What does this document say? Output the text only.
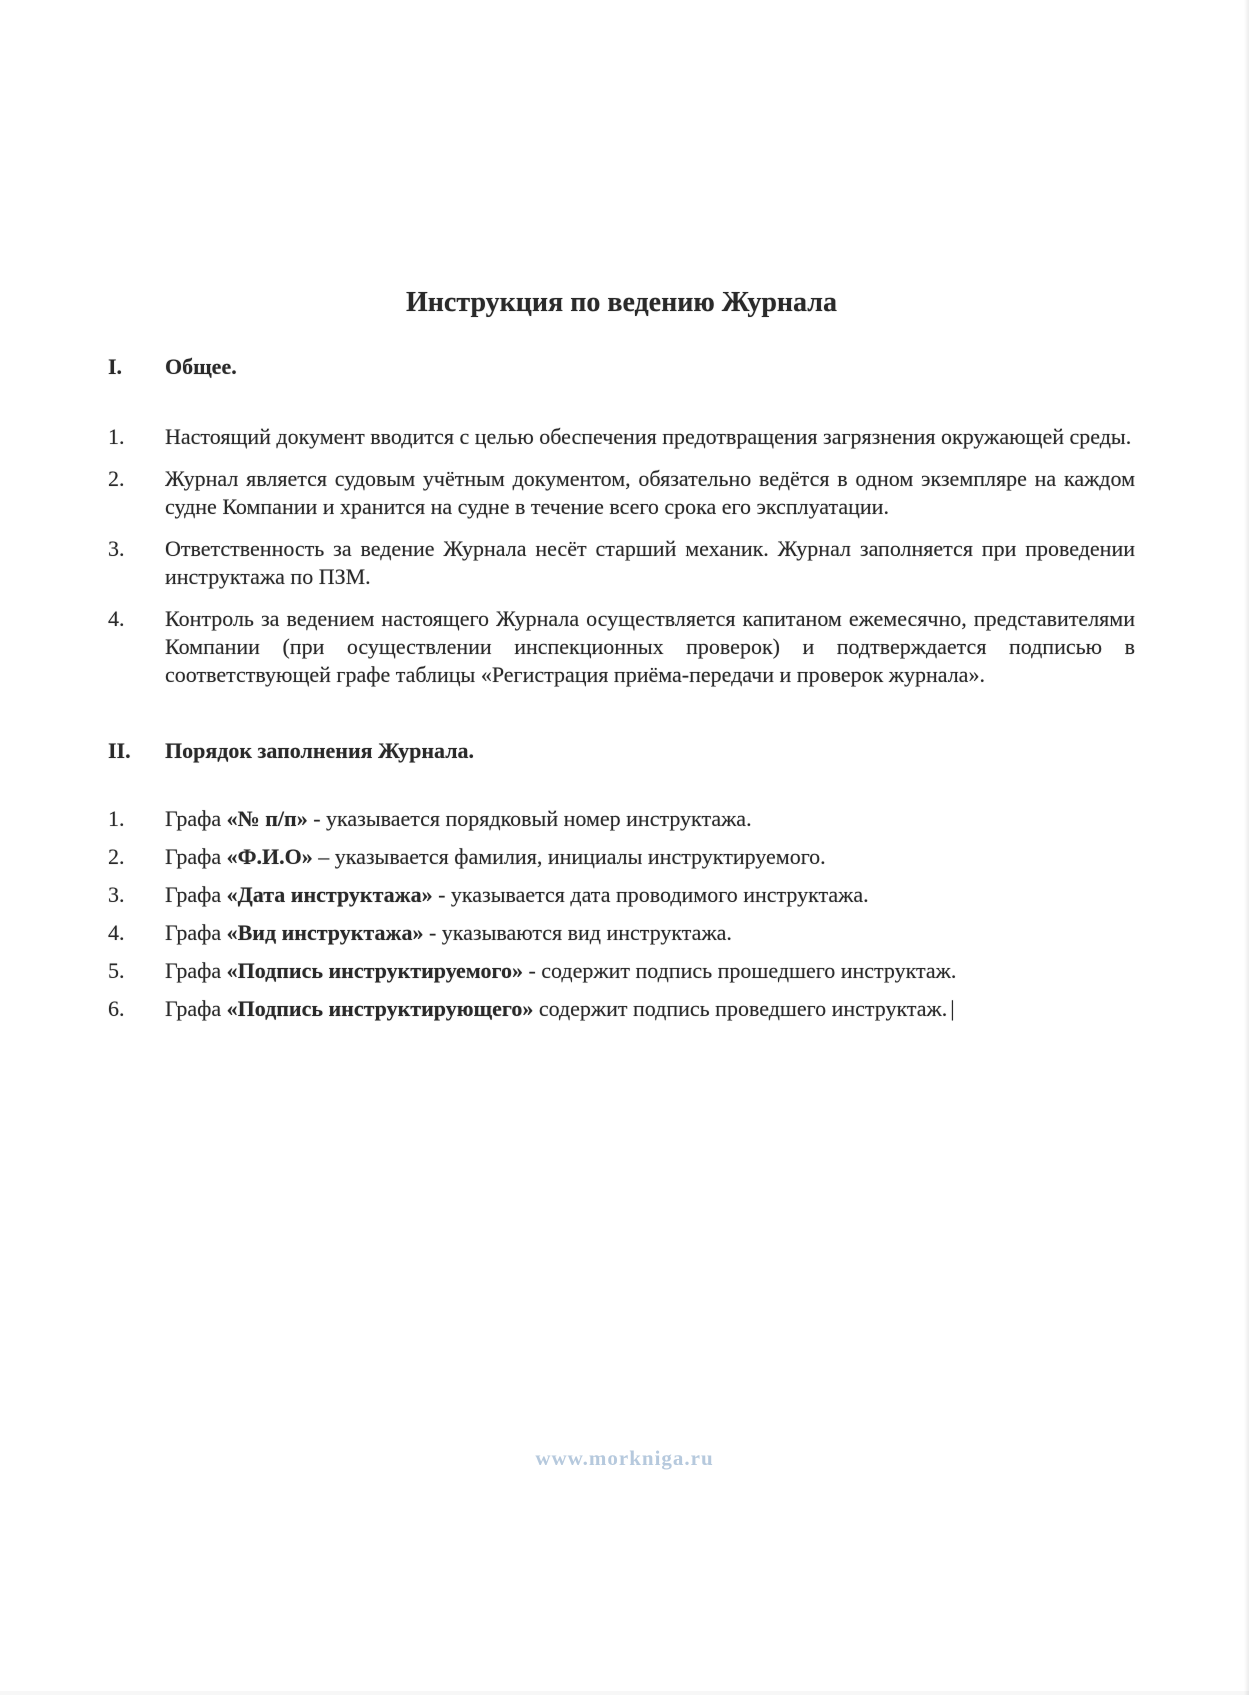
Инструкция по ведению Журнала
I.	Общее.
1.	Настоящий документ вводится с целью обеспечения предотвращения загрязнения окружающей среды.
2.	Журнал является судовым учётным документом, обязательно ведётся в одном экземпляре на каждом судне Компании и хранится на судне в течение всего срока его эксплуатации.
3.	Ответственность за ведение Журнала несёт старший механик. Журнал заполняется при проведении инструктажа по ПЗМ.
4.	Контроль за ведением настоящего Журнала осуществляется капитаном ежемесячно, представителями Компании (при осуществлении инспекционных проверок) и подтверждается подписью в соответствующей графе таблицы «Регистрация приёма-передачи и проверок журнала».
II.	Порядок заполнения Журнала.
1.	Графа «№ п/п» - указывается порядковый номер инструктажа.
2.	Графа «Ф.И.О» – указывается фамилия, инициалы инструктируемого.
3.	Графа «Дата инструктажа» - указывается дата проводимого инструктажа.
4.	Графа «Вид инструктажа» - указываются вид инструктажа.
5.	Графа «Подпись инструктируемого» - содержит подпись прошедшего инструктаж.
6.	Графа «Подпись инструктирующего» содержит подпись проведшего инструктаж. |
www.morkniga.ru
